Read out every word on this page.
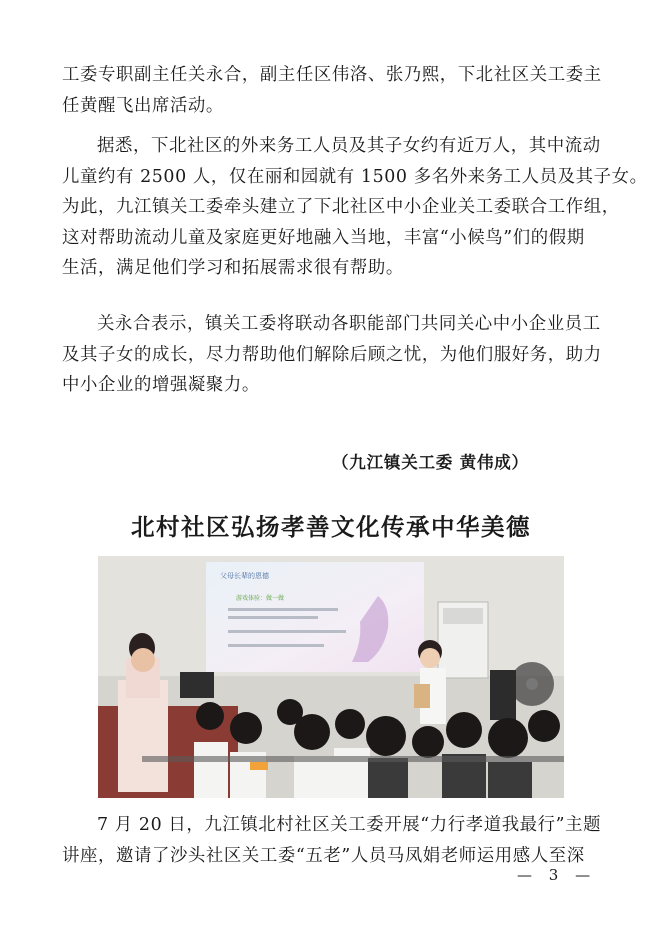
工委专职副主任关永合，副主任区伟洛、张乃熙，下北社区关工委主
任黄醒飞出席活动。
据悉，下北社区的外来务工人员及其子女约有近万人，其中流动
儿童约有 2500 人，仅在丽和园就有 1500 多名外来务工人员及其子女。
为此，九江镇关工委牵头建立了下北社区中小企业关工委联合工作组，
这对帮助流动儿童及家庭更好地融入当地，丰富“小候鸟”们的假期
生活，满足他们学习和拓展需求很有帮助。
关永合表示，镇关工委将联动各职能部门共同关心中小企业员工
及其子女的成长，尽力帮助他们解除后顾之忧，为他们服好务，助力
中小企业的增强凝聚力。
（九江镇关工委 黄伟成）
北村社区弘扬孝善文化传承中华美德
父母长辈的恩德
游戏体验：做一做
7 月 20 日，九江镇北村社区关工委开展“力行孝道我最行”主题
讲座，邀请了沙头社区关工委“五老”人员马凤娟老师运用感人至深
— 3 —
